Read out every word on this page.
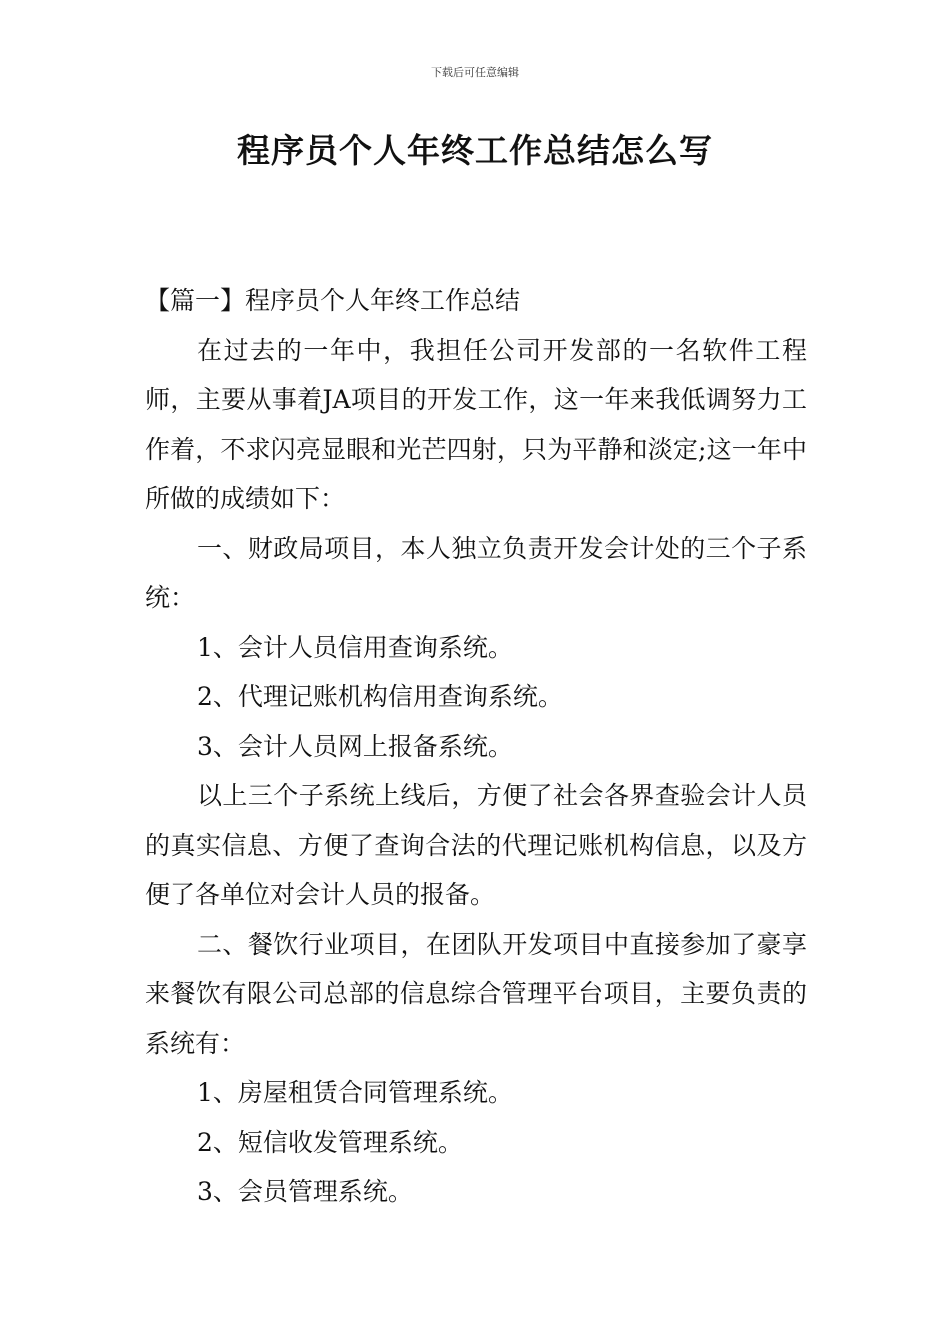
下载后可任意编辑
程序员个人年终工作总结怎么写

【篇一】程序员个人年终工作总结

在过去的一年中，我担任公司开发部的一名软件工程师，主要从事着JA项目的开发工作，这一年来我低调努力工作着，不求闪亮显眼和光芒四射，只为平静和淡定;这一年中所做的成绩如下：

一、财政局项目，本人独立负责开发会计处的三个子系统：

1、会计人员信用查询系统。

2、代理记账机构信用查询系统。

3、会计人员网上报备系统。

以上三个子系统上线后，方便了社会各界查验会计人员的真实信息、方便了查询合法的代理记账机构信息，以及方便了各单位对会计人员的报备。

二、餐饮行业项目，在团队开发项目中直接参加了豪享来餐饮有限公司总部的信息综合管理平台项目，主要负责的系统有：

1、房屋租赁合同管理系统。

2、短信收发管理系统。

3、会员管理系统。
